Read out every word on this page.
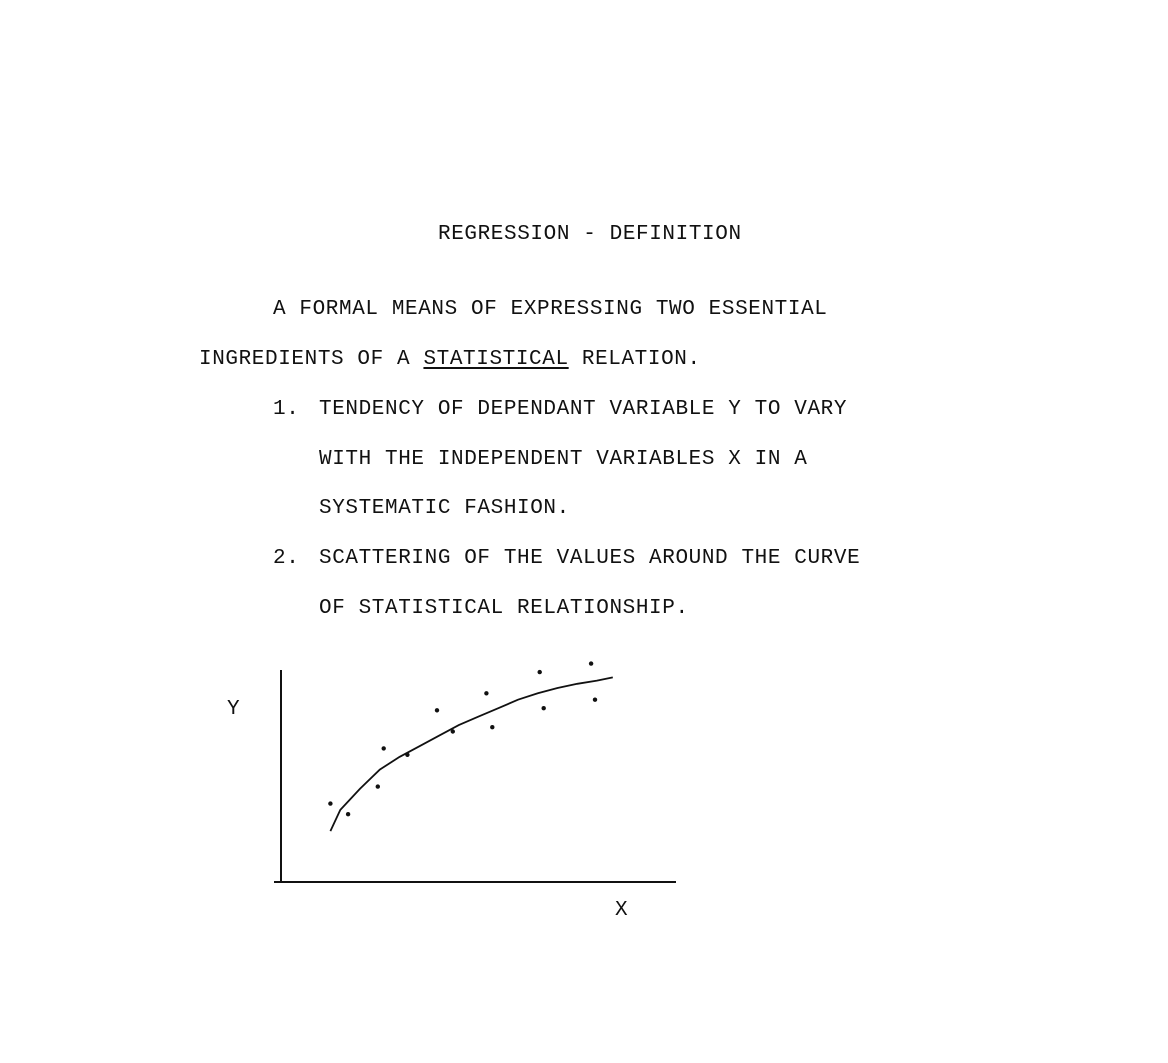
REGRESSION - DEFINITION
A FORMAL MEANS OF EXPRESSING TWO ESSENTIAL
INGREDIENTS OF A STATISTICAL RELATION.
1. TENDENCY OF DEPENDANT VARIABLE Y TO VARY
WITH THE INDEPENDENT VARIABLES X IN A
SYSTEMATIC FASHION.
2. SCATTERING OF THE VALUES AROUND THE CURVE
OF STATISTICAL RELATIONSHIP.
Y
X
